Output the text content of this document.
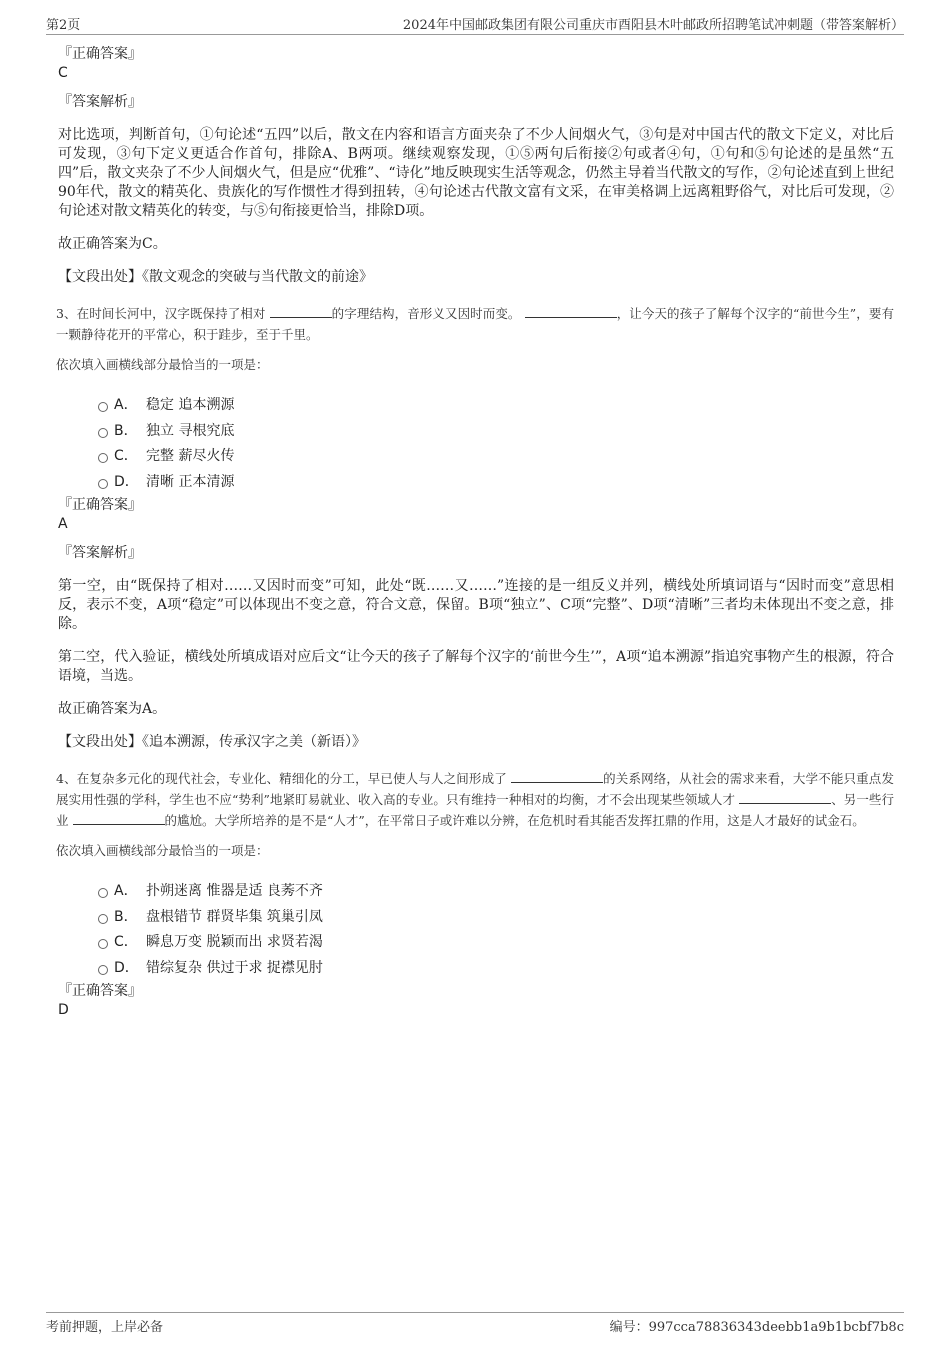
第2页	2024年中国邮政集团有限公司重庆市酉阳县木叶邮政所招聘笔试冲刺题（带答案解析）
『正确答案』
C
『答案解析』

对比选项，判断首句，①句论述“五四”以后，散文在内容和语言方面夹杂了不少人间烟火气，③句是对中国古代的散文下定义，对比后可发现，③句下定义更适合作首句，排除A、B两项。继续观察发现，①⑤两句后衔接②句或者④句，①句和⑤句论述的是虽然“五四”后，散文夹杂了不少人间烟火气，但是应“优雅”、“诗化”地反映现实生活等观念，仍然主导着当代散文的写作，②句论述直到上世纪90年代，散文的精英化、贵族化的写作惯性才得到扭转，④句论述古代散文富有文采，在审美格调上远离粗野俗气，对比后可发现，②句论述对散文精英化的转变，与⑤句衔接更恰当，排除D项。

故正确答案为C。

【文段出处】《散文观念的突破与当代散文的前途》

3、在时间长河中，汉字既保持了相对	的字理结构，音形义又因时而变。	，让今天的孩子了解每个汉字的“前世今生”，要有一颗静待花开的平常心，积于跬步，至于千里。

依次填入画横线部分最恰当的一项是：
A． 稳定 追本溯源
B． 独立 寻根究底
C． 完整 薪尽火传
D． 清晰 正本清源
『正确答案』
A
『答案解析』

第一空，由“既保持了相对……又因时而变”可知，此处“既……又……”连接的是一组反义并列，横线处所填词语与“因时而变”意思相反，表示不变，A项“稳定”可以体现出不变之意，符合文意，保留。B项“独立”、C项“完整”、D项“清晰”三者均未体现出不变之意，排除。

第二空，代入验证，横线处所填成语对应后文“让今天的孩子了解每个汉字的‘前世今生’”，A项“追本溯源”指追究事物产生的根源，符合语境，当选。

故正确答案为A。

【文段出处】《追本溯源，传承汉字之美（新语）》

4、在复杂多元化的现代社会，专业化、精细化的分工，早已使人与人之间形成了	的关系网络，从社会的需求来看，大学不能只重点发展实用性强的学科，学生也不应“势利”地紧盯易就业、收入高的专业。只有维持一种相对的均衡，才不会出现某些领域人才	、另一些行业	的尴尬。大学所培养的是不是“人才”，在平常日子或许难以分辨，在危机时看其能否发挥扛鼎的作用，这是人才最好的试金石。

依次填入画横线部分最恰当的一项是：
A． 扑朔迷离 惟器是适 良莠不齐
B． 盘根错节 群贤毕集 筑巢引凤
C． 瞬息万变 脱颖而出 求贤若渴
D． 错综复杂 供过于求 捉襟见肘
『正确答案』
D
考前押题，上岸必备	编号：997cca78836343deebb1a9b1bcbf7b8c
